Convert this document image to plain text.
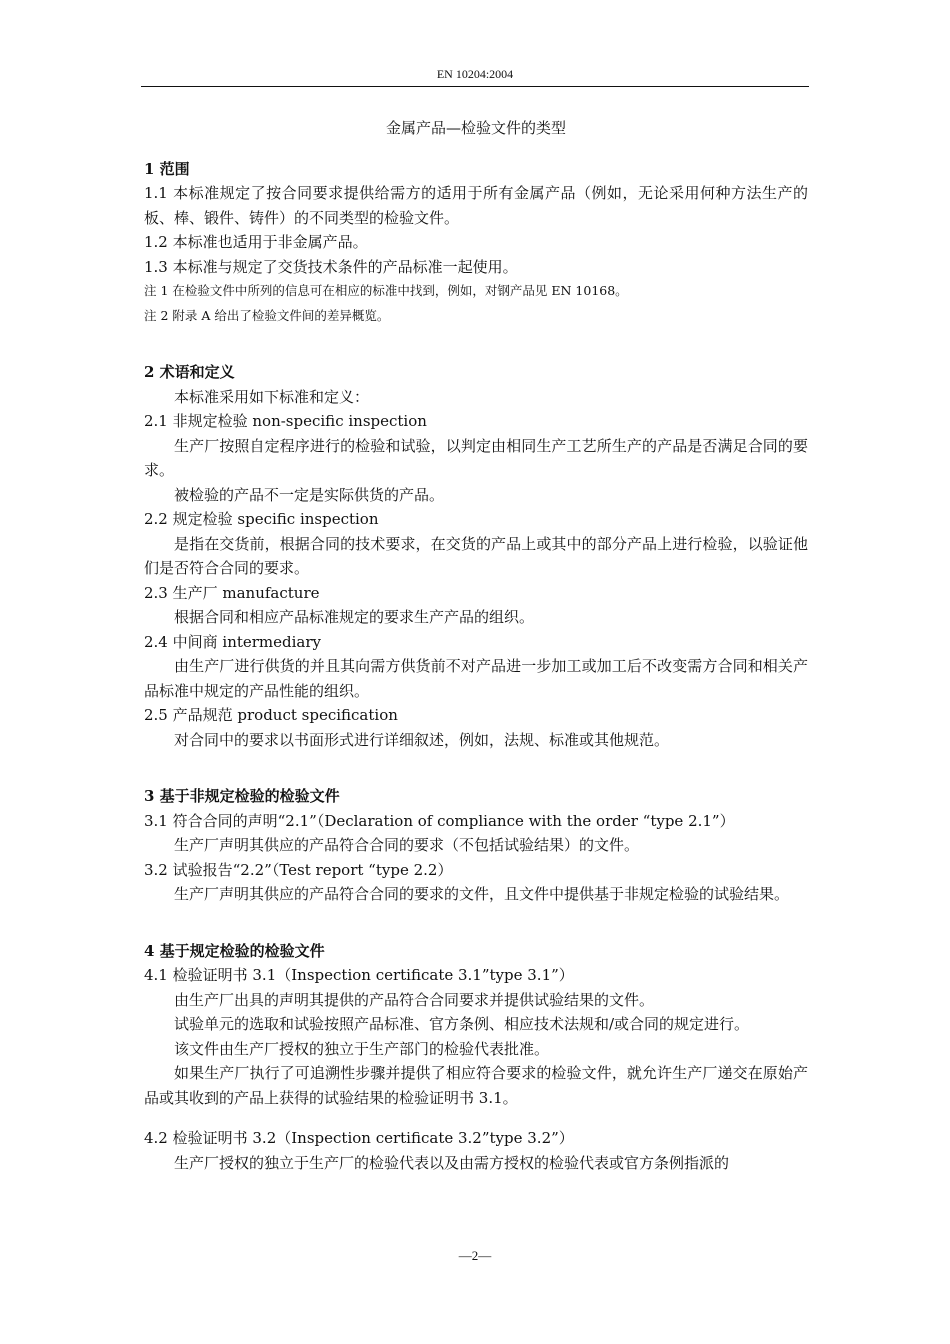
EN 10204:2004
金属产品—检验文件的类型
1 范围

1.1 本标准规定了按合同要求提供给需方的适用于所有金属产品（例如，无论采用何种方法生产的板、棒、锻件、铸件）的不同类型的检验文件。

1.2 本标准也适用于非金属产品。

1.3 本标准与规定了交货技术条件的产品标准一起使用。

注 1 在检验文件中所列的信息可在相应的标准中找到，例如，对钢产品见 EN 10168。

注 2 附录 A 给出了检验文件间的差异概览。

2 术语和定义

本标准采用如下标准和定义：

2.1 非规定检验 non-specific inspection

生产厂按照自定程序进行的检验和试验，以判定由相同生产工艺所生产的产品是否满足合同的要求。

被检验的产品不一定是实际供货的产品。

2.2 规定检验 specific inspection

是指在交货前，根据合同的技术要求，在交货的产品上或其中的部分产品上进行检验，以验证他们是否符合合同的要求。

2.3 生产厂 manufacture

根据合同和相应产品标准规定的要求生产产品的组织。

2.4 中间商 intermediary

由生产厂进行供货的并且其向需方供货前不对产品进一步加工或加工后不改变需方合同和相关产品标准中规定的产品性能的组织。

2.5 产品规范 product specification

对合同中的要求以书面形式进行详细叙述，例如，法规、标准或其他规范。

3 基于非规定检验的检验文件

3.1 符合合同的声明“2.1”（Declaration of compliance with the order “type 2.1”）

生产厂声明其供应的产品符合合同的要求（不包括试验结果）的文件。

3.2 试验报告“2.2”（Test report “type 2.2）

生产厂声明其供应的产品符合合同的要求的文件，且文件中提供基于非规定检验的试验结果。

4 基于规定检验的检验文件

4.1 检验证明书 3.1（Inspection certificate 3.1”type 3.1”）

由生产厂出具的声明其提供的产品符合合同要求并提供试验结果的文件。

试验单元的选取和试验按照产品标准、官方条例、相应技术法规和/或合同的规定进行。

该文件由生产厂授权的独立于生产部门的检验代表批准。

如果生产厂执行了可追溯性步骤并提供了相应符合要求的检验文件，就允许生产厂递交在原始产品或其收到的产品上获得的试验结果的检验证明书 3.1。

4.2 检验证明书 3.2（Inspection certificate 3.2”type 3.2”）

生产厂授权的独立于生产厂的检验代表以及由需方授权的检验代表或官方条例指派的

—2—
